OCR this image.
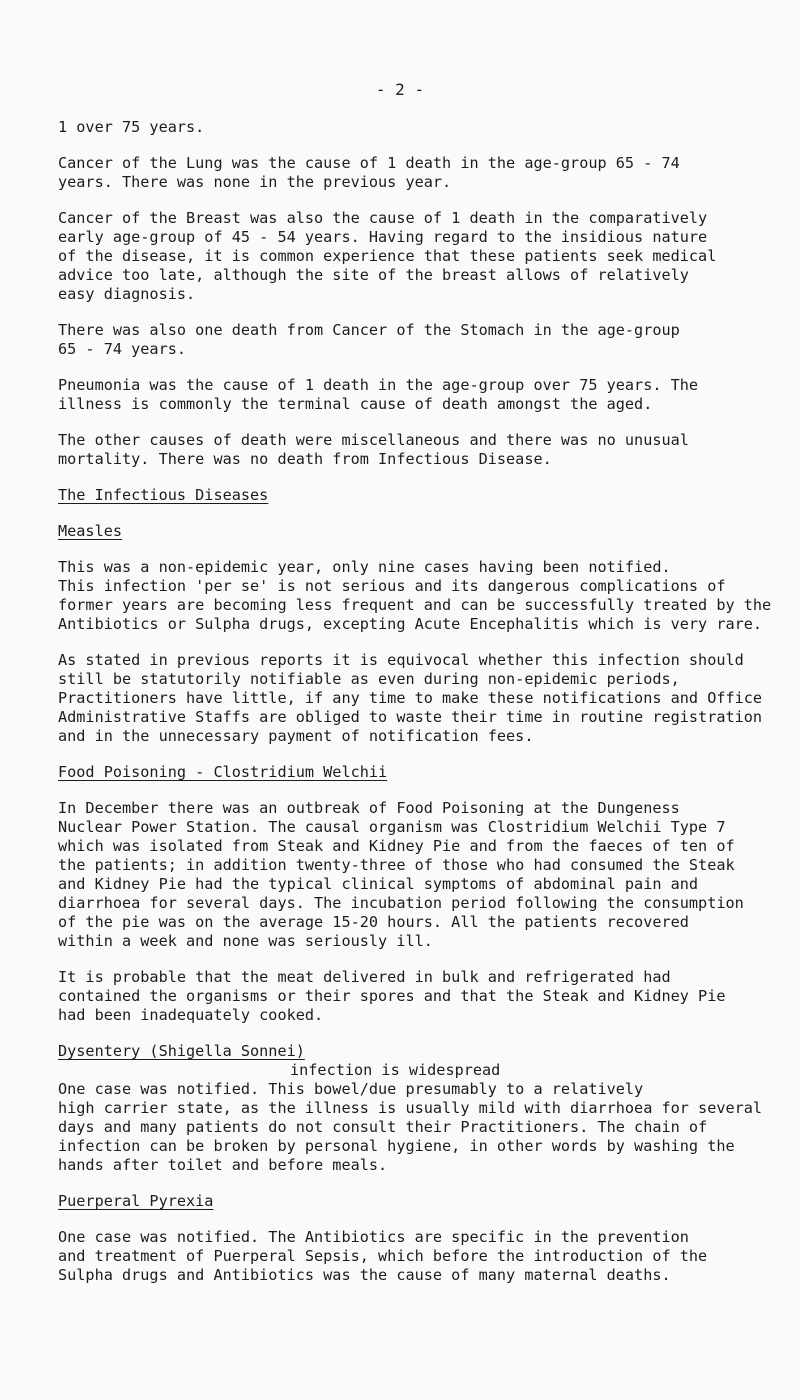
- 2 -

1 over 75 years.

Cancer of the Lung was the cause of 1 death in the age-group 65 - 74
years. There was none in the previous year.

Cancer of the Breast was also the cause of 1 death in the comparatively
early age-group of 45 - 54 years. Having regard to the insidious nature
of the disease, it is common experience that these patients seek medical
advice too late, although the site of the breast allows of relatively
easy diagnosis.

There was also one death from Cancer of the Stomach in the age-group
65 - 74 years.

Pneumonia was the cause of 1 death in the age-group over 75 years. The
illness is commonly the terminal cause of death amongst the aged.

The other causes of death were miscellaneous and there was no unusual
mortality. There was no death from Infectious Disease.

The Infectious Diseases
Measles

This was a non-epidemic year, only nine cases having been notified.
This infection 'per se' is not serious and its dangerous complications of
former years are becoming less frequent and can be successfully treated by the
Antibiotics or Sulpha drugs, excepting Acute Encephalitis which is very rare.

As stated in previous reports it is equivocal whether this infection should
still be statutorily notifiable as even during non-epidemic periods,
Practitioners have little, if any time to make these notifications and Office
Administrative Staffs are obliged to waste their time in routine registration
and in the unnecessary payment of notification fees.

Food Poisoning - Clostridium Welchii

In December there was an outbreak of Food Poisoning at the Dungeness
Nuclear Power Station. The causal organism was Clostridium Welchii Type 7
which was isolated from Steak and Kidney Pie and from the faeces of ten of
the patients; in addition twenty-three of those who had consumed the Steak
and Kidney Pie had the typical clinical symptoms of abdominal pain and
diarrhoea for several days. The incubation period following the consumption
of the pie was on the average 15-20 hours. All the patients recovered
within a week and none was seriously ill.

It is probable that the meat delivered in bulk and refrigerated had
contained the organisms or their spores and that the Steak and Kidney Pie
had been inadequately cooked.

Dysentery (Shigella Sonnei)
infection is widespread

One case was notified. This bowel/due presumably to a relatively
high carrier state, as the illness is usually mild with diarrhoea for several
days and many patients do not consult their Practitioners. The chain of
infection can be broken by personal hygiene, in other words by washing the
hands after toilet and before meals.

Puerperal Pyrexia

One case was notified. The Antibiotics are specific in the prevention
and treatment of Puerperal Sepsis, which before the introduction of the
Sulpha drugs and Antibiotics was the cause of many maternal deaths.
